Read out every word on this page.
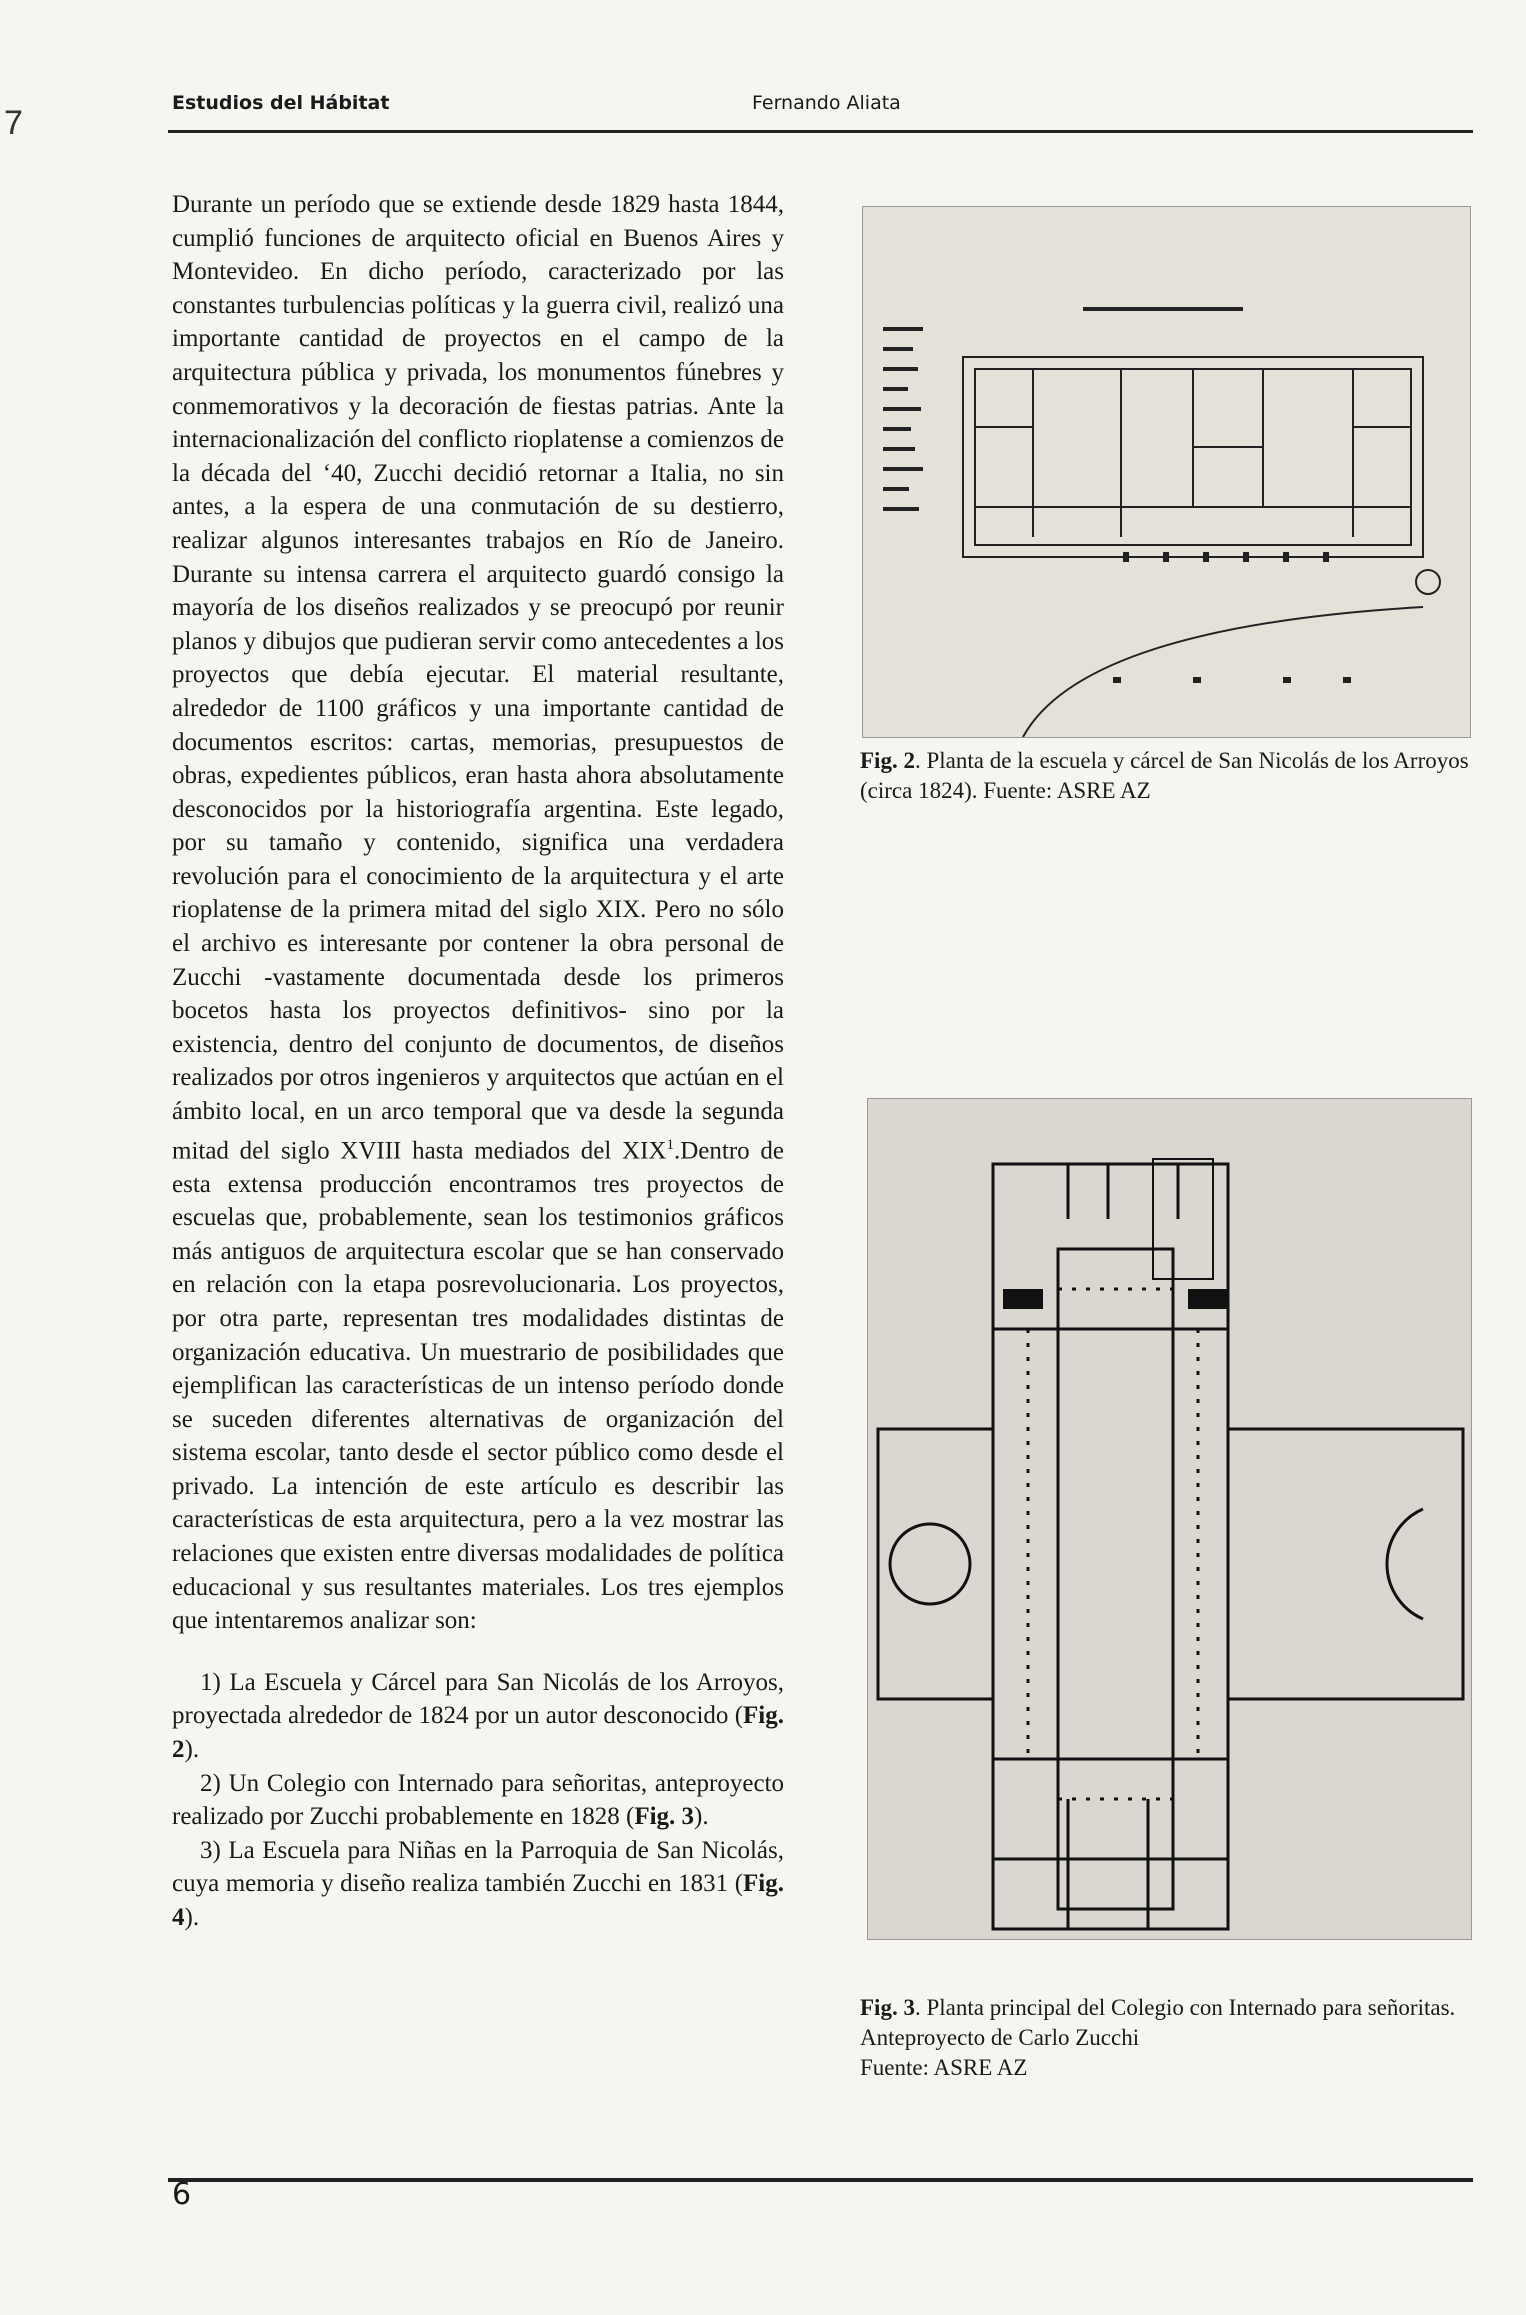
7
Estudios del Hábitat	Fernando Aliata

Durante un período que se extiende desde 1829 hasta 1844, cumplió funciones de arquitecto oficial en Buenos Aires y Montevideo. En dicho período, caracterizado por las constantes turbulencias políticas y la guerra civil, realizó una importante cantidad de proyectos en el campo de la arquitectura pública y privada, los monumentos fúnebres y conmemorativos y la decoración de fiestas patrias. Ante la internacionalización del conflicto rioplatense a comienzos de la década del ‘40, Zucchi decidió retornar a Italia, no sin antes, a la espera de una conmutación de su destierro, realizar algunos interesantes trabajos en Río de Janeiro. Durante su intensa carrera el arquitecto guardó consigo la mayoría de los diseños realizados y se preocupó por reunir planos y dibujos que pudieran servir como antecedentes a los proyectos que debía ejecutar. El material resultante, alrededor de 1100 gráficos y una importante cantidad de documentos escritos: cartas, memorias, presupuestos de obras, expedientes públicos, eran hasta ahora absolutamente desconocidos por la historiografía argentina. Este legado, por su tamaño y contenido, significa una verdadera revolución para el conocimiento de la arquitectura y el arte rioplatense de la primera mitad del siglo XIX. Pero no sólo el archivo es interesante por contener la obra personal de Zucchi -vastamente documentada desde los primeros bocetos hasta los proyectos definitivos- sino por la existencia, dentro del conjunto de documentos, de diseños realizados por otros ingenieros y arquitectos que actúan en el ámbito local, en un arco temporal que va desde la segunda mitad del siglo XVIII hasta mediados del XIX$^1$.Dentro de esta extensa producción encontramos tres proyectos de escuelas que, probablemente, sean los testimonios gráficos más antiguos de arquitectura escolar que se han conservado en relación con la etapa posrevolucionaria. Los proyectos, por otra parte, representan tres modalidades distintas de organización educativa. Un muestrario de posibilidades que ejemplifican las características de un intenso período donde se suceden diferentes alternativas de organización del sistema escolar, tanto desde el sector público como desde el privado. La intención de este artículo es describir las características de esta arquitectura, pero a la vez mostrar las relaciones que existen entre diversas modalidades de política educacional y sus resultantes materiales. Los tres ejemplos que intentaremos analizar son:

1) La Escuela y Cárcel para San Nicolás de los Arroyos, proyectada alrededor de 1824 por un autor desconocido (Fig. 2).

2) Un Colegio con Internado para señoritas, anteproyecto realizado por Zucchi probablemente en 1828 (Fig. 3).

3) La Escuela para Niñas en la Parroquia de San Nicolás, cuya memoria y diseño realiza también Zucchi en 1831 (Fig. 4).

Fig. 2. Planta de la escuela y cárcel de San Nicolás de los Arroyos (circa 1824). Fuente: ASRE AZ
Fig. 3. Planta principal del Colegio con Internado para señoritas.
Anteproyecto de Carlo Zucchi
Fuente: ASRE AZ
6
